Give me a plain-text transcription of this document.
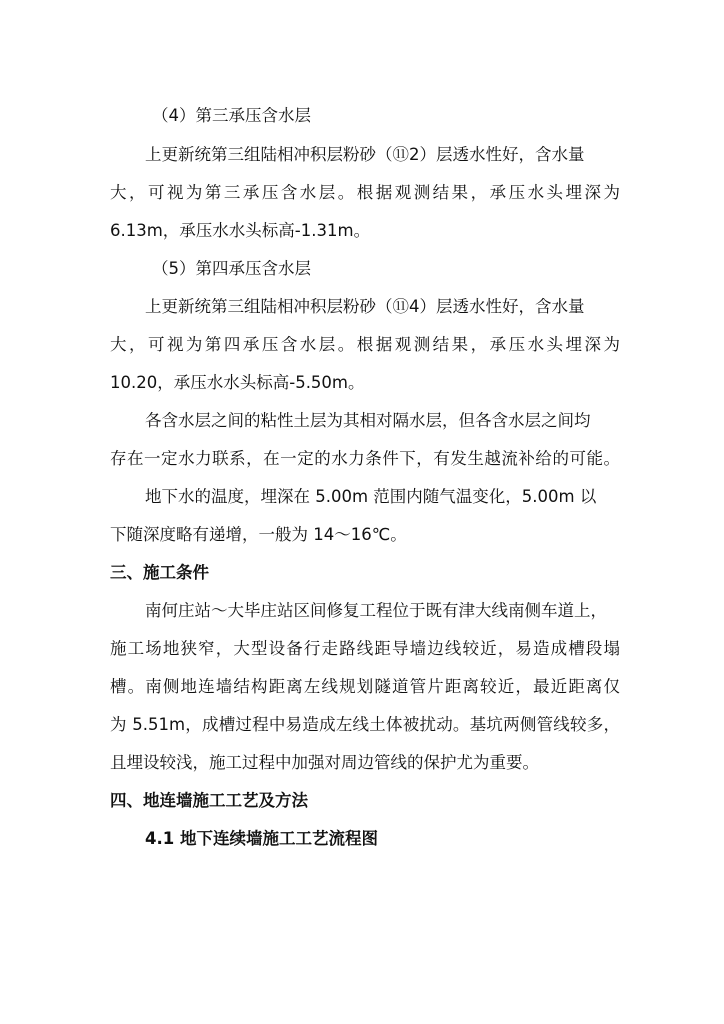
（4）第三承压含水层
上更新统第三组陆相冲积层粉砂（⑪2）层透水性好，含水量
大，可视为第三承压含水层。根据观测结果，承压水头埋深为
6.13m，承压水水头标高-1.31m。
（5）第四承压含水层
上更新统第三组陆相冲积层粉砂（⑪4）层透水性好，含水量
大，可视为第四承压含水层。根据观测结果，承压水头埋深为
10.20，承压水水头标高-5.50m。
各含水层之间的粘性土层为其相对隔水层，但各含水层之间均
存在一定水力联系，在一定的水力条件下，有发生越流补给的可能。
地下水的温度，埋深在 5.00m 范围内随气温变化，5.00m 以
下随深度略有递增，一般为 14～16℃。
三、施工条件
南何庄站～大毕庄站区间修复工程位于既有津大线南侧车道上，
施工场地狭窄，大型设备行走路线距导墙边线较近，易造成槽段塌
槽。南侧地连墙结构距离左线规划隧道管片距离较近，最近距离仅
为 5.51m，成槽过程中易造成左线土体被扰动。基坑两侧管线较多，
且埋设较浅，施工过程中加强对周边管线的保护尤为重要。
四、地连墙施工工艺及方法
4.1 地下连续墙施工工艺流程图
